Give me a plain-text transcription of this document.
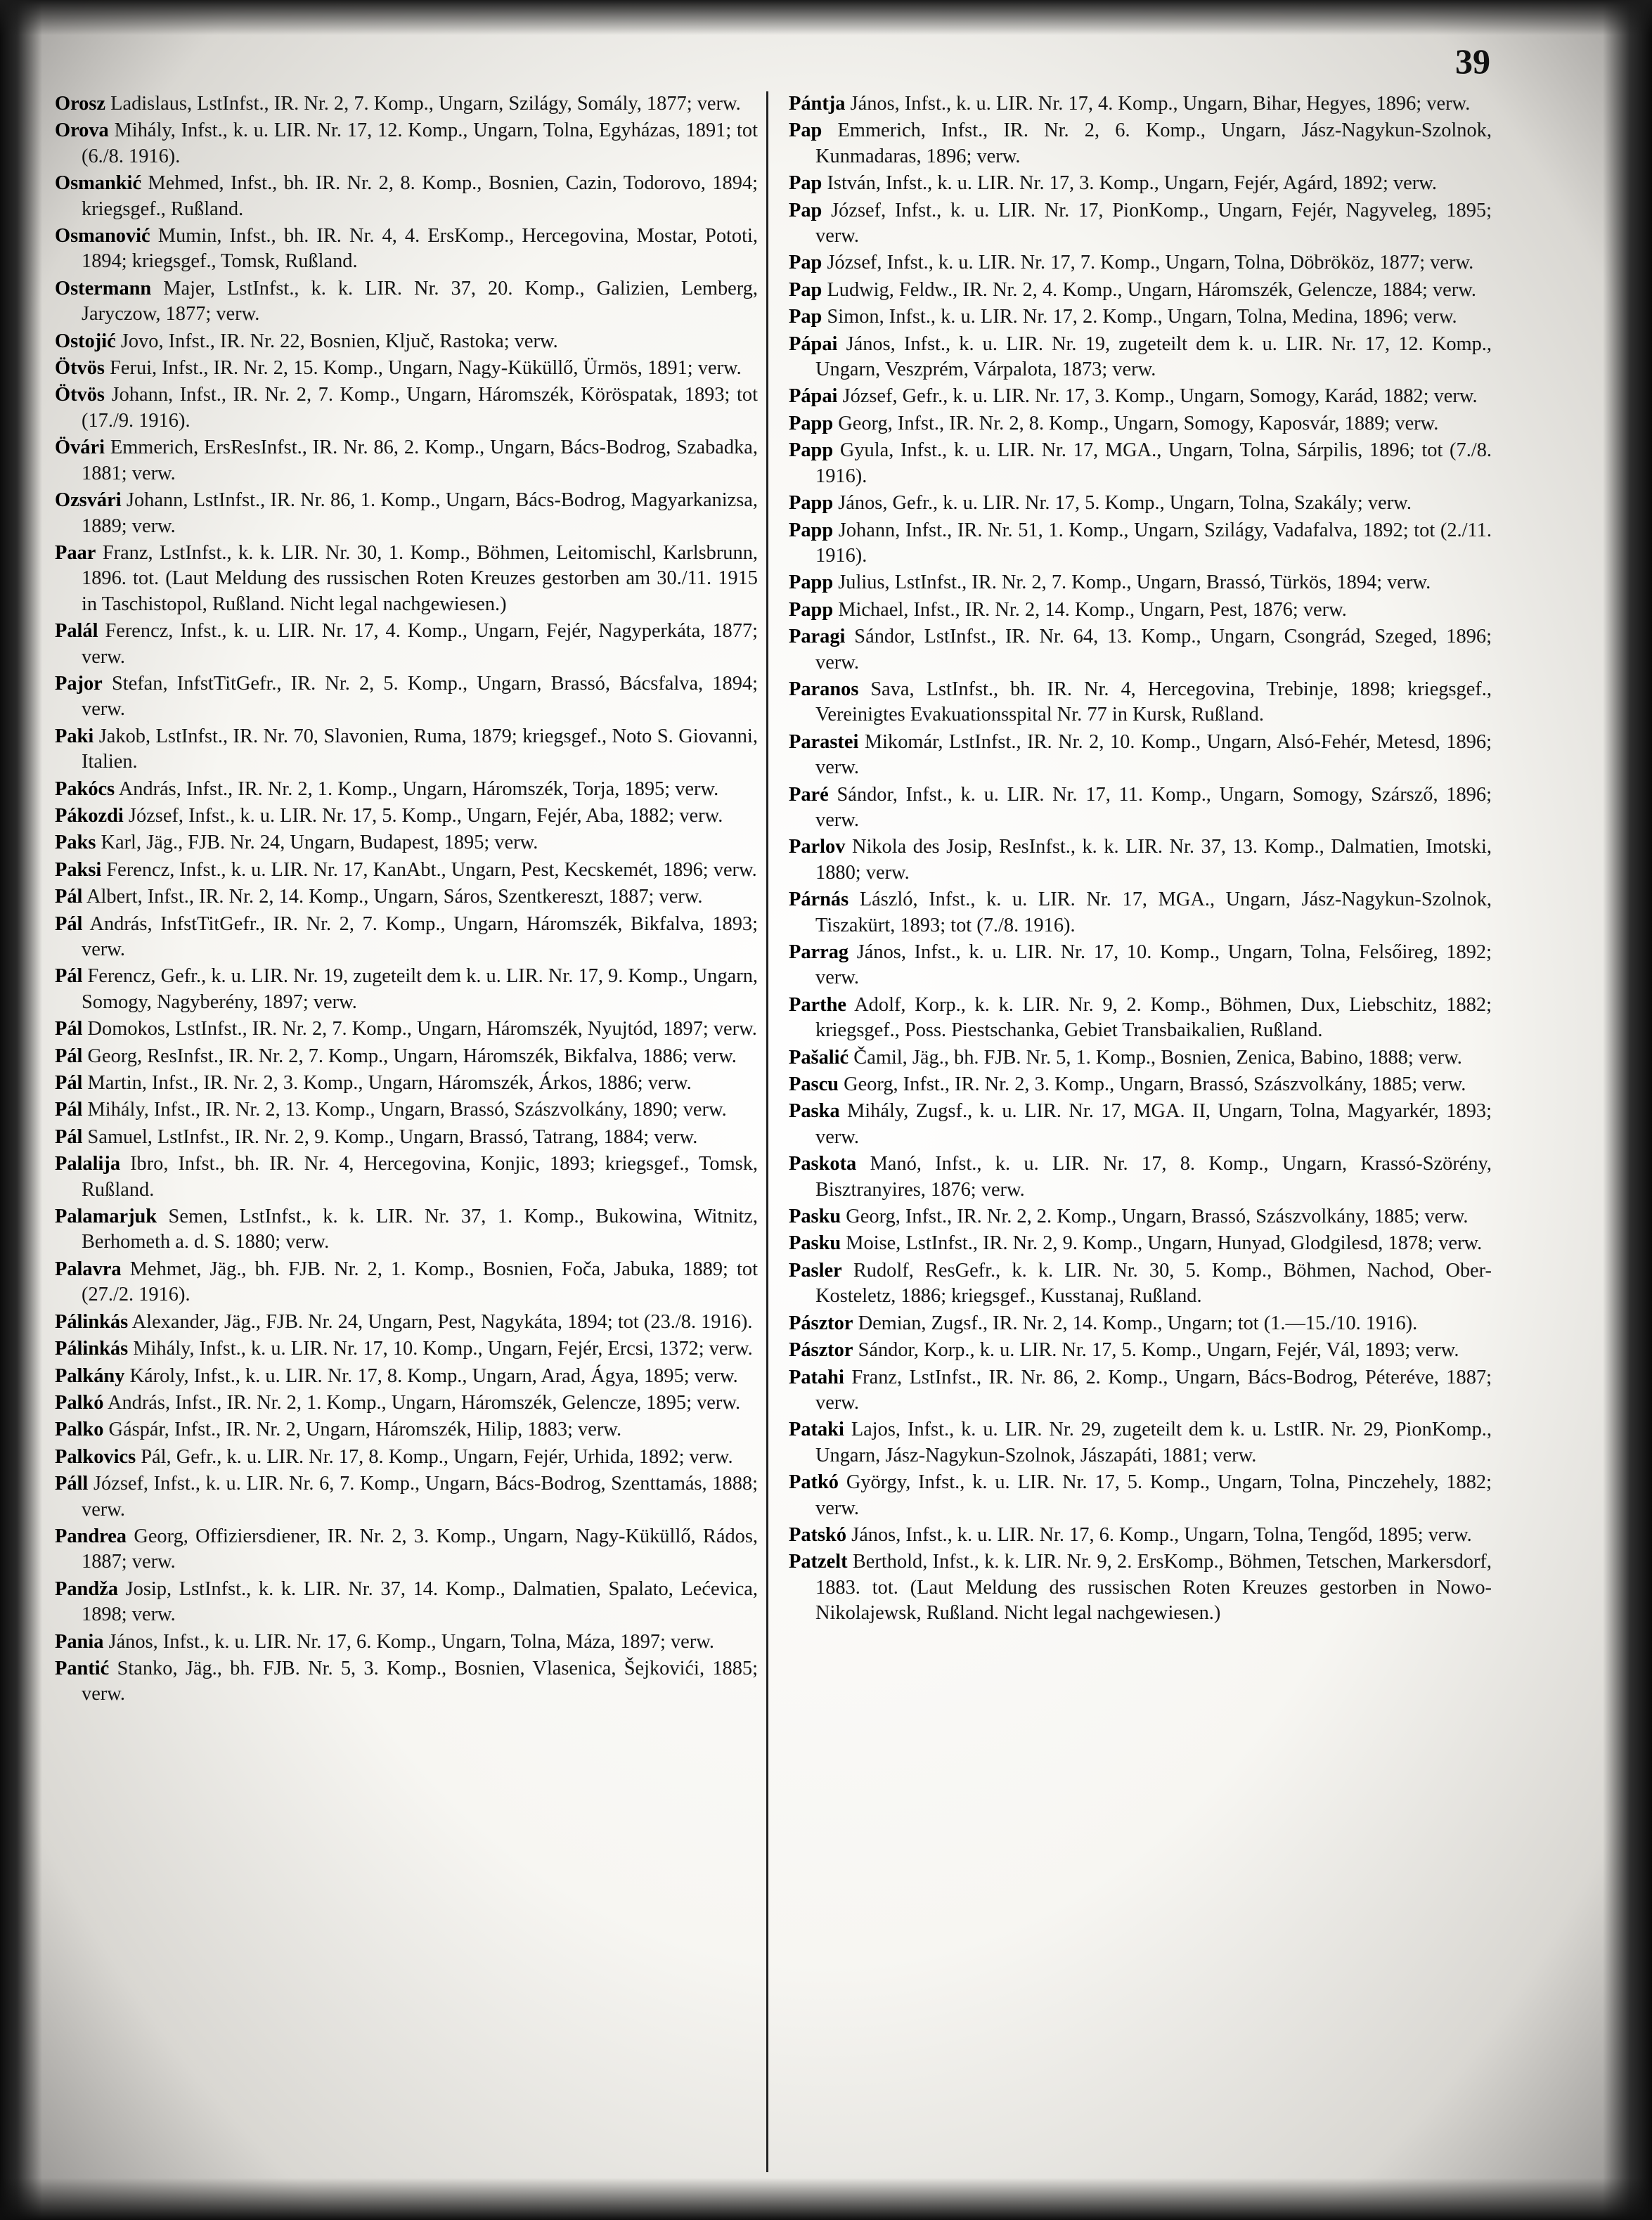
39

Orosz Ladislaus, LstInfst., IR. Nr. 2, 7. Komp., Ungarn, Szilágy, Somály, 1877; verw.

Orova Mihály, Infst., k. u. LIR. Nr. 17, 12. Komp., Ungarn, Tolna, Egyházas, 1891; tot (6./8. 1916).

Osmankić Mehmed, Infst., bh. IR. Nr. 2, 8. Komp., Bosnien, Cazin, Todorovo, 1894; kriegsgef., Rußland.

Osmanović Mumin, Infst., bh. IR. Nr. 4, 4. ErsKomp., Hercegovina, Mostar, Pototi, 1894; kriegsgef., Tomsk, Rußland.

Ostermann Majer, LstInfst., k. k. LIR. Nr. 37, 20. Komp., Galizien, Lemberg, Jaryczow, 1877; verw.

Ostojić Jovo, Infst., IR. Nr. 22, Bosnien, Ključ, Rastoka; verw.

Ötvös Ferui, Infst., IR. Nr. 2, 15. Komp., Ungarn, Nagy-Küküllő, Ürmös, 1891; verw.

Ötvös Johann, Infst., IR. Nr. 2, 7. Komp., Ungarn, Háromszék, Köröspatak, 1893; tot (17./9. 1916).

Övári Emmerich, ErsResInfst., IR. Nr. 86, 2. Komp., Ungarn, Bács-Bodrog, Szabadka, 1881; verw.

Ozsvári Johann, LstInfst., IR. Nr. 86, 1. Komp., Ungarn, Bács-Bodrog, Magyarkanizsa, 1889; verw.

Paar Franz, LstInfst., k. k. LIR. Nr. 30, 1. Komp., Böhmen, Leitomischl, Karlsbrunn, 1896. tot. (Laut Meldung des russischen Roten Kreuzes gestorben am 30./11. 1915 in Taschistopol, Rußland. Nicht legal nachgewiesen.)

Palál Ferencz, Infst., k. u. LIR. Nr. 17, 4. Komp., Ungarn, Fejér, Nagyperkáta, 1877; verw.

Pajor Stefan, InfstTitGefr., IR. Nr. 2, 5. Komp., Ungarn, Brassó, Bácsfalva, 1894; verw.

Paki Jakob, LstInfst., IR. Nr. 70, Slavonien, Ruma, 1879; kriegsgef., Noto S. Giovanni, Italien.

Pakócs András, Infst., IR. Nr. 2, 1. Komp., Ungarn, Háromszék, Torja, 1895; verw.

Pákozdi József, Infst., k. u. LIR. Nr. 17, 5. Komp., Ungarn, Fejér, Aba, 1882; verw.

Paks Karl, Jäg., FJB. Nr. 24, Ungarn, Budapest, 1895; verw.

Paksi Ferencz, Infst., k. u. LIR. Nr. 17, KanAbt., Ungarn, Pest, Kecskemét, 1896; verw.

Pál Albert, Infst., IR. Nr. 2, 14. Komp., Ungarn, Sáros, Szentkereszt, 1887; verw.

Pál András, InfstTitGefr., IR. Nr. 2, 7. Komp., Ungarn, Háromszék, Bikfalva, 1893; verw.

Pál Ferencz, Gefr., k. u. LIR. Nr. 19, zugeteilt dem k. u. LIR. Nr. 17, 9. Komp., Ungarn, Somogy, Nagyberény, 1897; verw.

Pál Domokos, LstInfst., IR. Nr. 2, 7. Komp., Ungarn, Háromszék, Nyujtód, 1897; verw.

Pál Georg, ResInfst., IR. Nr. 2, 7. Komp., Ungarn, Háromszék, Bikfalva, 1886; verw.

Pál Martin, Infst., IR. Nr. 2, 3. Komp., Ungarn, Háromszék, Árkos, 1886; verw.

Pál Mihály, Infst., IR. Nr. 2, 13. Komp., Ungarn, Brassó, Szászvolkány, 1890; verw.

Pál Samuel, LstInfst., IR. Nr. 2, 9. Komp., Ungarn, Brassó, Tatrang, 1884; verw.

Palalija Ibro, Infst., bh. IR. Nr. 4, Hercegovina, Konjic, 1893; kriegsgef., Tomsk, Rußland.

Palamarjuk Semen, LstInfst., k. k. LIR. Nr. 37, 1. Komp., Bukowina, Witnitz, Berhometh a. d. S. 1880; verw.

Palavra Mehmet, Jäg., bh. FJB. Nr. 2, 1. Komp., Bosnien, Foča, Jabuka, 1889; tot (27./2. 1916).

Pálinkás Alexander, Jäg., FJB. Nr. 24, Ungarn, Pest, Nagykáta, 1894; tot (23./8. 1916).

Pálinkás Mihály, Infst., k. u. LIR. Nr. 17, 10. Komp., Ungarn, Fejér, Ercsi, 1372; verw.

Palkány Károly, Infst., k. u. LIR. Nr. 17, 8. Komp., Ungarn, Arad, Ágya, 1895; verw.

Palkó András, Infst., IR. Nr. 2, 1. Komp., Ungarn, Háromszék, Gelencze, 1895; verw.

Palko Gáspár, Infst., IR. Nr. 2, Ungarn, Háromszék, Hilip, 1883; verw.

Palkovics Pál, Gefr., k. u. LIR. Nr. 17, 8. Komp., Ungarn, Fejér, Urhida, 1892; verw.

Páll József, Infst., k. u. LIR. Nr. 6, 7. Komp., Ungarn, Bács-Bodrog, Szenttamás, 1888; verw.

Pandrea Georg, Offiziersdiener, IR. Nr. 2, 3. Komp., Ungarn, Nagy-Küküllő, Rádos, 1887; verw.

Pandža Josip, LstInfst., k. k. LIR. Nr. 37, 14. Komp., Dalmatien, Spalato, Lećevica, 1898; verw.

Pania János, Infst., k. u. LIR. Nr. 17, 6. Komp., Ungarn, Tolna, Máza, 1897; verw.

Pantić Stanko, Jäg., bh. FJB. Nr. 5, 3. Komp., Bosnien, Vlasenica, Šejkovići, 1885; verw.

Pántja János, Infst., k. u. LIR. Nr. 17, 4. Komp., Ungarn, Bihar, Hegyes, 1896; verw.

Pap Emmerich, Infst., IR. Nr. 2, 6. Komp., Ungarn, Jász-Nagykun-Szolnok, Kunmadaras, 1896; verw.

Pap István, Infst., k. u. LIR. Nr. 17, 3. Komp., Ungarn, Fejér, Agárd, 1892; verw.

Pap József, Infst., k. u. LIR. Nr. 17, PionKomp., Ungarn, Fejér, Nagyveleg, 1895; verw.

Pap József, Infst., k. u. LIR. Nr. 17, 7. Komp., Ungarn, Tolna, Döbrököz, 1877; verw.

Pap Ludwig, Feldw., IR. Nr. 2, 4. Komp., Ungarn, Háromszék, Gelencze, 1884; verw.

Pap Simon, Infst., k. u. LIR. Nr. 17, 2. Komp., Ungarn, Tolna, Medina, 1896; verw.

Pápai János, Infst., k. u. LIR. Nr. 19, zugeteilt dem k. u. LIR. Nr. 17, 12. Komp., Ungarn, Veszprém, Várpalota, 1873; verw.

Pápai József, Gefr., k. u. LIR. Nr. 17, 3. Komp., Ungarn, Somogy, Karád, 1882; verw.

Papp Georg, Infst., IR. Nr. 2, 8. Komp., Ungarn, Somogy, Kaposvár, 1889; verw.

Papp Gyula, Infst., k. u. LIR. Nr. 17, MGA., Ungarn, Tolna, Sárpilis, 1896; tot (7./8. 1916).

Papp János, Gefr., k. u. LIR. Nr. 17, 5. Komp., Ungarn, Tolna, Szakály; verw.

Papp Johann, Infst., IR. Nr. 51, 1. Komp., Ungarn, Szilágy, Vadafalva, 1892; tot (2./11. 1916).

Papp Julius, LstInfst., IR. Nr. 2, 7. Komp., Ungarn, Brassó, Türkös, 1894; verw.

Papp Michael, Infst., IR. Nr. 2, 14. Komp., Ungarn, Pest, 1876; verw.

Paragi Sándor, LstInfst., IR. Nr. 64, 13. Komp., Ungarn, Csongrád, Szeged, 1896; verw.

Paranos Sava, LstInfst., bh. IR. Nr. 4, Hercegovina, Trebinje, 1898; kriegsgef., Vereinigtes Evakuationsspital Nr. 77 in Kursk, Rußland.

Parastei Mikomár, LstInfst., IR. Nr. 2, 10. Komp., Ungarn, Alsó-Fehér, Metesd, 1896; verw.

Paré Sándor, Infst., k. u. LIR. Nr. 17, 11. Komp., Ungarn, Somogy, Szársző, 1896; verw.

Parlov Nikola des Josip, ResInfst., k. k. LIR. Nr. 37, 13. Komp., Dalmatien, Imotski, 1880; verw.

Párnás László, Infst., k. u. LIR. Nr. 17, MGA., Ungarn, Jász-Nagykun-Szolnok, Tiszakürt, 1893; tot (7./8. 1916).

Parrag János, Infst., k. u. LIR. Nr. 17, 10. Komp., Ungarn, Tolna, Felsőireg, 1892; verw.

Parthe Adolf, Korp., k. k. LIR. Nr. 9, 2. Komp., Böhmen, Dux, Liebschitz, 1882; kriegsgef., Poss. Piestschanka, Gebiet Transbaikalien, Rußland.

Pašalić Čamil, Jäg., bh. FJB. Nr. 5, 1. Komp., Bosnien, Zenica, Babino, 1888; verw.

Pascu Georg, Infst., IR. Nr. 2, 3. Komp., Ungarn, Brassó, Szászvolkány, 1885; verw.

Paska Mihály, Zugsf., k. u. LIR. Nr. 17, MGA. II, Ungarn, Tolna, Magyarkér, 1893; verw.

Paskota Manó, Infst., k. u. LIR. Nr. 17, 8. Komp., Ungarn, Krassó-Szörény, Bisztranyires, 1876; verw.

Pasku Georg, Infst., IR. Nr. 2, 2. Komp., Ungarn, Brassó, Szászvolkány, 1885; verw.

Pasku Moise, LstInfst., IR. Nr. 2, 9. Komp., Ungarn, Hunyad, Glodgilesd, 1878; verw.

Pasler Rudolf, ResGefr., k. k. LIR. Nr. 30, 5. Komp., Böhmen, Nachod, Ober-Kosteletz, 1886; kriegsgef., Kusstanaj, Rußland.

Pásztor Demian, Zugsf., IR. Nr. 2, 14. Komp., Ungarn; tot (1.—15./10. 1916).

Pásztor Sándor, Korp., k. u. LIR. Nr. 17, 5. Komp., Ungarn, Fejér, Vál, 1893; verw.

Patahi Franz, LstInfst., IR. Nr. 86, 2. Komp., Ungarn, Bács-Bodrog, Péteréve, 1887; verw.

Pataki Lajos, Infst., k. u. LIR. Nr. 29, zugeteilt dem k. u. LstIR. Nr. 29, PionKomp., Ungarn, Jász-Nagykun-Szolnok, Jászapáti, 1881; verw.

Patkó György, Infst., k. u. LIR. Nr. 17, 5. Komp., Ungarn, Tolna, Pinczehely, 1882; verw.

Patskó János, Infst., k. u. LIR. Nr. 17, 6. Komp., Ungarn, Tolna, Tengőd, 1895; verw.

Patzelt Berthold, Infst., k. k. LIR. Nr. 9, 2. ErsKomp., Böhmen, Tetschen, Markersdorf, 1883. tot. (Laut Meldung des russischen Roten Kreuzes gestorben in Nowo-Nikolajewsk, Rußland. Nicht legal nachgewiesen.)
